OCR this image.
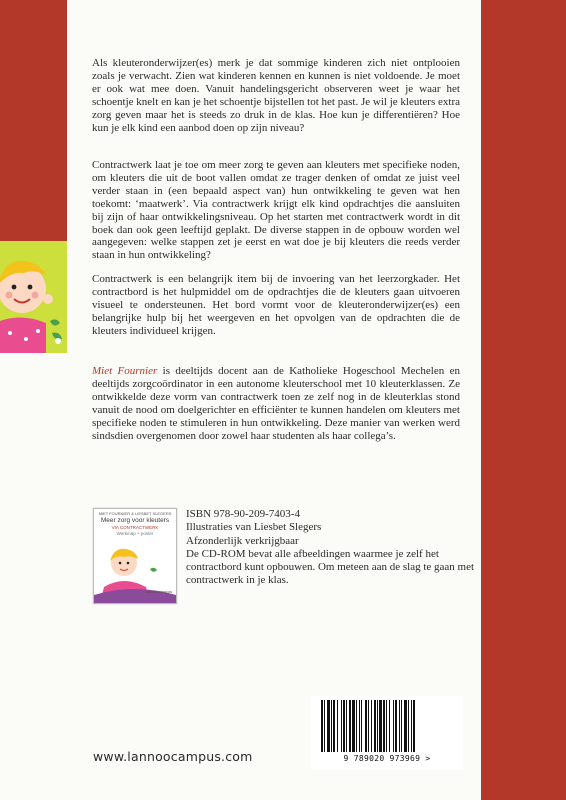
Als kleuteronderwijzer(es) merk je dat sommige kinderen zich niet ontplooien zoals je verwacht. Zien wat kinderen kennen en kunnen is niet voldoende. Je moet er ook wat mee doen. Vanuit handelingsgericht observeren weet je waar het schoentje knelt en kan je het schoentje bijstellen tot het past. Je wil je kleuters extra zorg geven maar het is steeds zo druk in de klas. Hoe kun je differentiëren? Hoe kun je elk kind een aanbod doen op zijn niveau?

Contractwerk laat je toe om meer zorg te geven aan kleuters met specifieke noden, om kleuters die uit de boot vallen omdat ze trager denken of omdat ze juist veel verder staan in (een bepaald aspect van) hun ontwikkeling te geven wat hen toekomt: ‘maatwerk’. Via contractwerk krijgt elk kind opdrachtjes die aansluiten bij zijn of haar ontwikkelingsniveau. Op het starten met contractwerk wordt in dit boek dan ook geen leeftijd geplakt. De diverse stappen in de opbouw worden wel aangegeven: welke stappen zet je eerst en wat doe je bij kleuters die reeds verder staan in hun ontwikkeling?

Contractwerk is een belangrijk item bij de invoering van het leerzorgkader. Het contractbord is het hulpmiddel om de opdrachtjes die de kleuters gaan uitvoeren visueel te ondersteunen. Het bord vormt voor de kleuteronderwijzer(es) een belangrijke hulp bij het weergeven en het opvolgen van de opdrachten die de kleuters individueel krijgen.

Miet Fournier is deeltijds docent aan de Katholieke Hogeschool Mechelen en deeltijds zorgcoördinator in een autonome kleuterschool met 10 kleuterklassen. Ze ontwikkelde deze vorm van contractwerk toen ze zelf nog in de kleuterklas stond vanuit de nood om doelgerichter en efficiënter te kunnen handelen om kleuters met specifieke noden te stimuleren in hun ontwikkeling. Deze manier van werken werd sindsdien overgenomen door zowel haar studenten als haar collega’s.

MIET FOURNIER & LIESBET SLEGERS
Meer zorg voor kleuters
VIA CONTRACTWERK
Werkmap + poster
lannoocampus
ISBN 978-90-209-7403-4
Illustraties van Liesbet Slegers
Afzonderlijk verkrijgbaar
De CD-ROM bevat alle afbeeldingen waarmee je zelf het contractbord kunt opbouwen. Om meteen aan de slag te gaan met contractwerk in je klas.
9 789020 973969 >
www.lannoocampus.com
